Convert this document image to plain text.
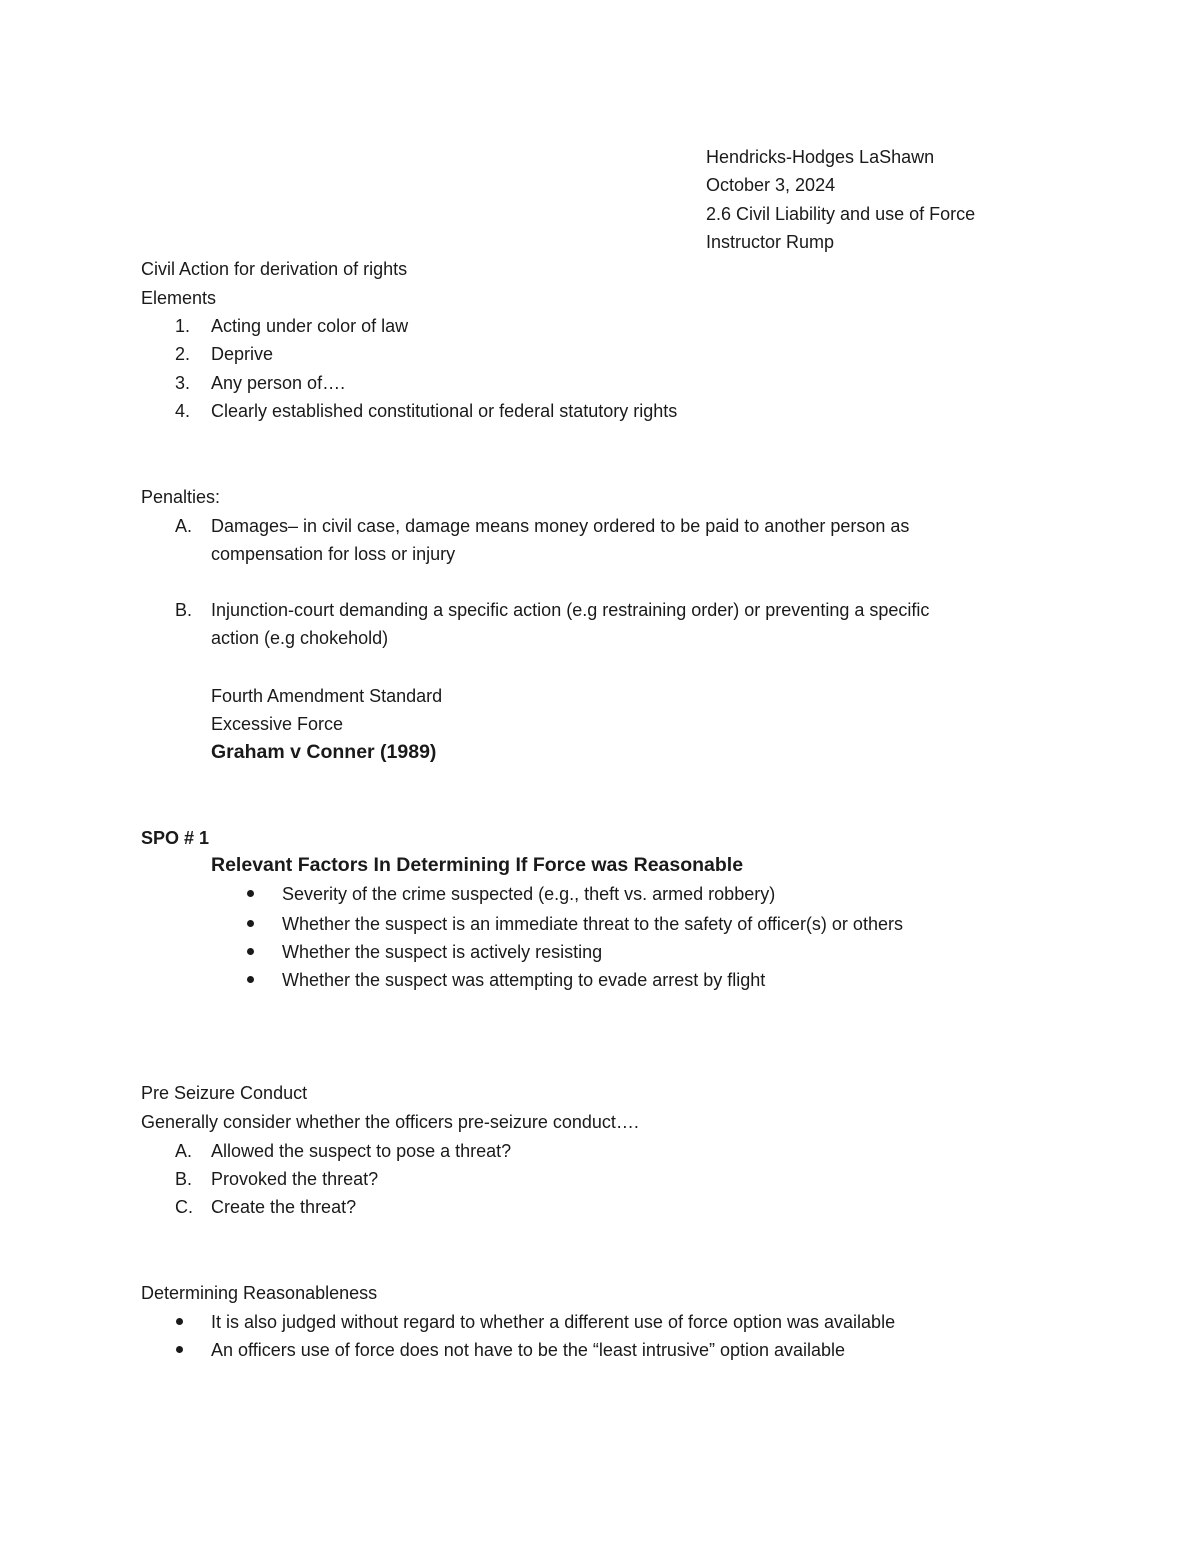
Hendricks-Hodges LaShawn
October 3, 2024
2.6 Civil Liability and use of Force
Instructor Rump
Civil Action for derivation of rights
Elements
1. Acting under color of law
2. Deprive
3. Any person of….
4. Clearly established constitutional or federal statutory rights
Penalties:
A. Damages– in civil case, damage means money ordered to be paid to another person as
compensation for loss or injury
B. Injunction-court demanding a specific action (e.g restraining order) or preventing a specific
action (e.g chokehold)
Fourth Amendment Standard
Excessive Force
Graham v Conner (1989)
SPO # 1
Relevant Factors In Determining If Force was Reasonable
Severity of the crime suspected (e.g., theft vs. armed robbery)
Whether the suspect is an immediate threat to the safety of officer(s) or others
Whether the suspect is actively resisting
Whether the suspect was attempting to evade arrest by flight
Pre Seizure Conduct
Generally consider whether the officers pre-seizure conduct….
A. Allowed the suspect to pose a threat?
B. Provoked the threat?
C. Create the threat?
Determining Reasonableness
It is also judged without regard to whether a different use of force option was available
An officers use of force does not have to be the “least intrusive” option available
